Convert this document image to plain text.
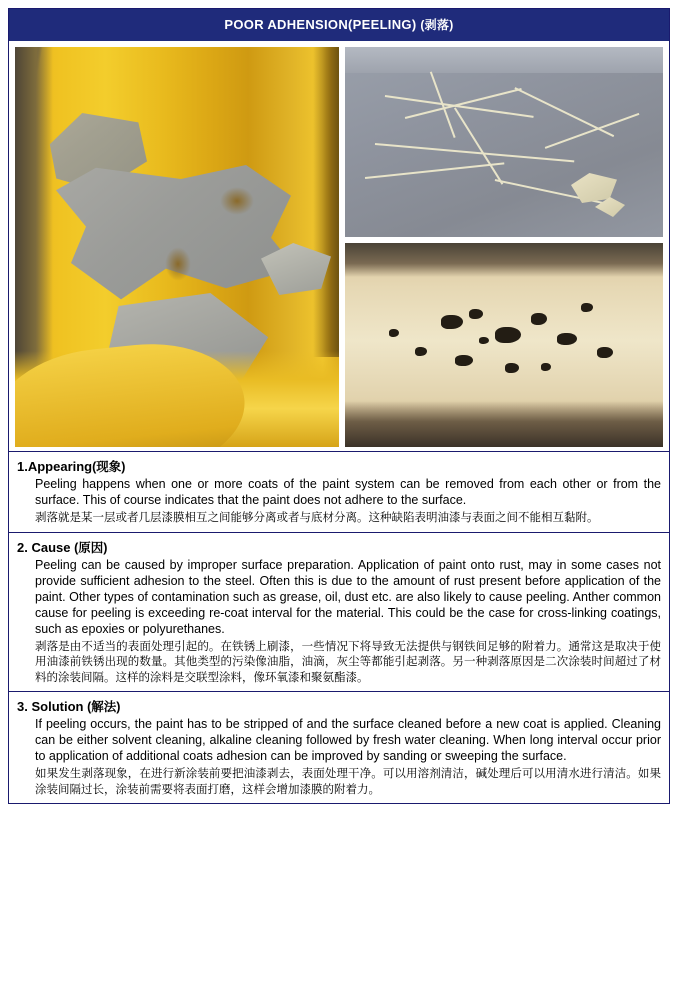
POOR ADHENSION(PEELING) (剥落)
1.Appearing(现象)

Peeling happens when one or more coats of the paint system can be removed from each other or from the surface. This of course indicates that the paint does not adhere to the surface.

剥落就是某一层或者几层漆膜相互之间能够分离或者与底材分离。这种缺陷表明油漆与表面之间不能相互黏附。

2. Cause (原因)

Peeling can be caused by improper surface preparation. Application of paint onto rust, may in some cases not provide sufficient adhesion to the steel. Often this is due to the amount of rust present before application of the paint. Other types of contamination such as grease, oil, dust etc. are also likely to cause peeling. Anther common cause for peeling is exceeding re-coat interval for the material. This could be the case for cross-linking coatings, such as epoxies or polyurethanes.

剥落是由不适当的表面处理引起的。在铁锈上刷漆，一些情况下将导致无法提供与钢铁间足够的附着力。通常这是取决于使用油漆前铁锈出现的数量。其他类型的污染像油脂，油滴，灰尘等都能引起剥落。另一种剥落原因是二次涂装时间超过了材料的涂装间隔。这样的涂料是交联型涂料，像环氧漆和聚氨酯漆。

3. Solution (解法)

If peeling occurs, the paint has to be stripped of and the surface cleaned before a new coat is applied. Cleaning can be either solvent cleaning, alkaline cleaning followed by fresh water cleaning. When long interval occur prior to application of additional coats adhesion can be improved by sanding or sweeping the surface.

如果发生剥落现象，在进行新涂装前要把油漆剥去，表面处理干净。可以用溶剂清洁，碱处理后可以用清水进行清洁。如果涂装间隔过长，涂装前需要将表面打磨，这样会增加漆膜的附着力。
